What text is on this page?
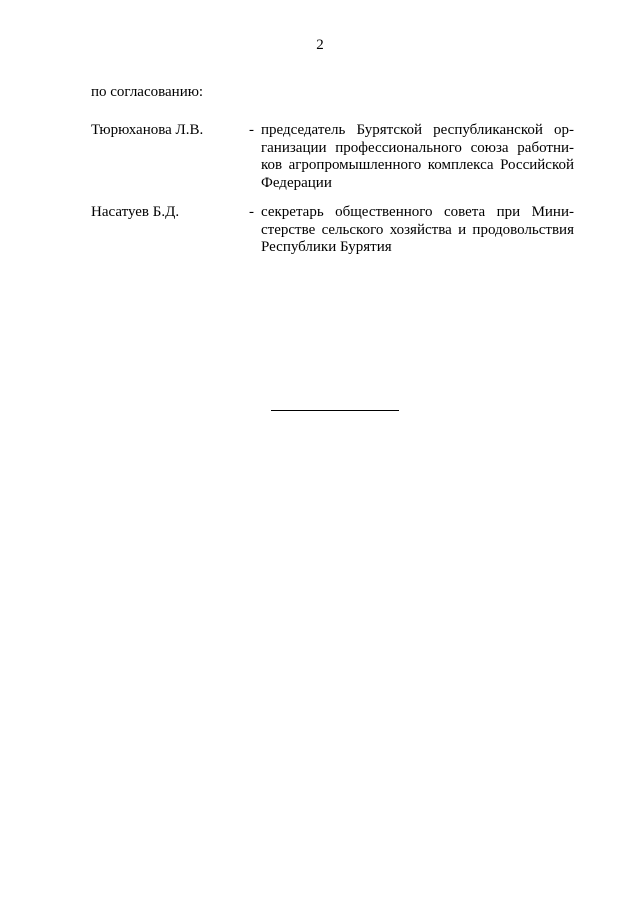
2
по согласованию:
Тюрюханова Л.В.	- председатель Бурятской республиканской организации профессионального союза работников агропромышленного комплекса Российской Федерации
Насатуев Б.Д.	- секретарь общественного совета при Министерстве сельского хозяйства и продовольствия Республики Бурятия
